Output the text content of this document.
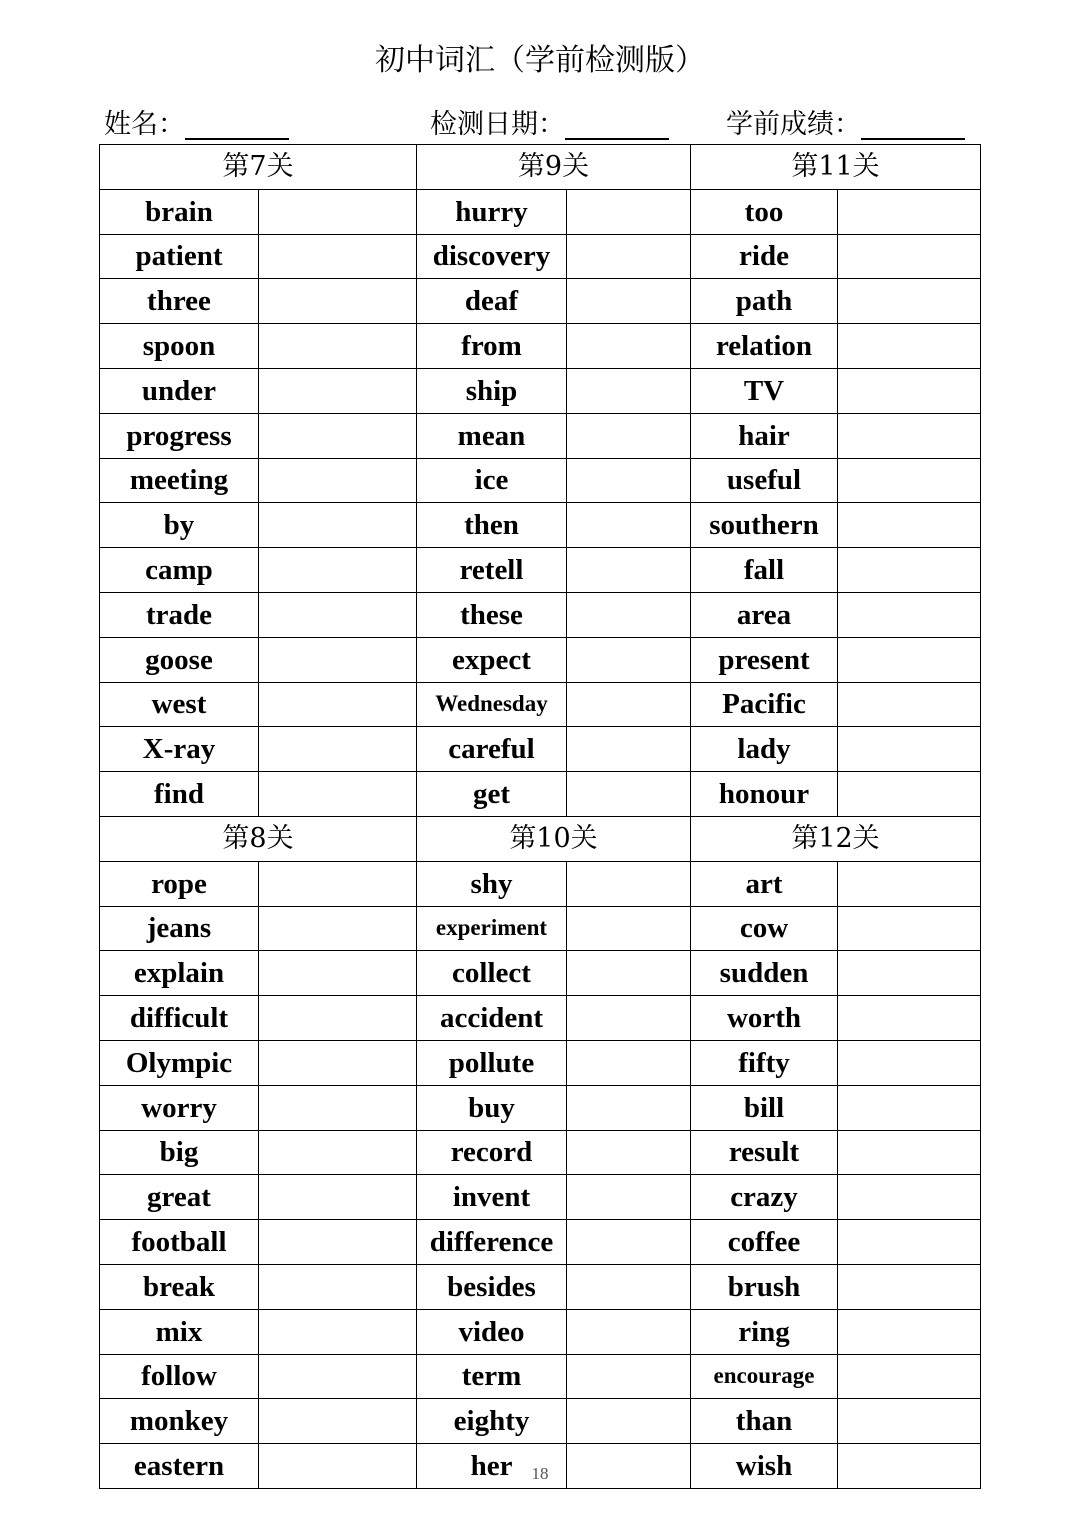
初中词汇（学前检测版）
姓名：	检测日期：	学前成绩：
第7关		第9关		第11关	
brain		hurry		too	
patient		discovery		ride	
three		deaf		path	
spoon		from		relation	
under		ship		TV	
progress		mean		hair	
meeting		ice		useful	
by		then		southern	
camp		retell		fall	
trade		these		area	
goose		expect		present	
west		Wednesday		Pacific	
X-ray		careful		lady	
find		get		honour	
第8关		第10关		第12关	
rope		shy		art	
jeans		experiment		cow	
explain		collect		sudden	
difficult		accident		worth	
Olympic		pollute		fifty	
worry		buy		bill	
big		record		result	
great		invent		crazy	
football		difference		coffee	
break		besides		brush	
mix		video		ring	
follow		term		encourage	
monkey		eighty		than	
eastern		her		wish	
18
